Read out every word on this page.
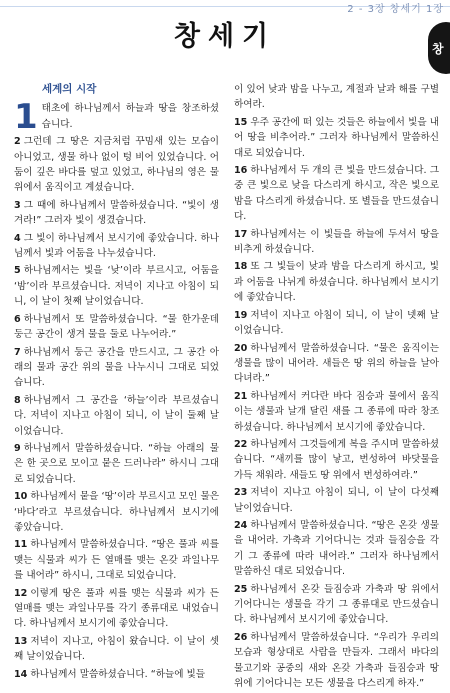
2 - 3장 창세기 1장
창세기	창
세계의 시작

1 태초에 하나님께서 하늘과 땅을 창조하셨습니다.

2 그런데 그 땅은 지금처럼 꾸밈새 있는 모습이 아니었고, 생물 하나 없이 텅 비어 있었습니다. 어둠이 깊은 바다를 덮고 있었고, 하나님의 영은 물 위에서 움직이고 계셨습니다.

3 그 때에 하나님께서 말씀하셨습니다. “빛이 생겨라!” 그러자 빛이 생겼습니다.

4 그 빛이 하나님께서 보시기에 좋았습니다. 하나님께서 빛과 어둠을 나누셨습니다.

5 하나님께서는 빛을 ‘낮’이라 부르시고, 어둠을 ‘밤’이라 부르셨습니다. 저녁이 지나고 아침이 되니, 이 날이 첫째 날이었습니다.

6 하나님께서 또 말씀하셨습니다. “물 한가운데 둥근 공간이 생겨 물을 둘로 나누어라.”

7 하나님께서 둥근 공간을 만드시고, 그 공간 아래의 물과 공간 위의 물을 나누시니 그대로 되었습니다.

8 하나님께서 그 공간을 ‘하늘’이라 부르셨습니다. 저녁이 지나고 아침이 되니, 이 날이 둘째 날이었습니다.

9 하나님께서 말씀하셨습니다. “하늘 아래의 물은 한 곳으로 모이고 뭍은 드러나라” 하시니 그대로 되었습니다.

10 하나님께서 뭍을 ‘땅’이라 부르시고 모인 물은 ‘바다’라고 부르셨습니다. 하나님께서 보시기에 좋았습니다.

11 하나님께서 말씀하셨습니다. “땅은 풀과 씨를 맺는 식물과 씨가 든 열매를 맺는 온갖 과일나무를 내어라” 하시니, 그대로 되었습니다.

12 이렇게 땅은 풀과 씨를 맺는 식물과 씨가 든 열매를 맺는 과일나무를 각기 종류대로 내었습니다. 하나님께서 보시기에 좋았습니다.

13 저녁이 지나고, 아침이 왔습니다. 이 날이 셋째 날이었습니다.

14 하나님께서 말씀하셨습니다. “하늘에 빛들

이 있어 낮과 밤을 나누고, 계절과 날과 해를 구별하여라.

15 우주 공간에 떠 있는 것들은 하늘에서 빛을 내어 땅을 비추어라.” 그러자 하나님께서 말씀하신 대로 되었습니다.

16 하나님께서 두 개의 큰 빛을 만드셨습니다. 그 중 큰 빛으로 낮을 다스리게 하시고, 작은 빛으로 밤을 다스리게 하셨습니다. 또 별들을 만드셨습니다.

17 하나님께서는 이 빛들을 하늘에 두셔서 땅을 비추게 하셨습니다.

18 또 그 빛들이 낮과 밤을 다스리게 하시고, 빛과 어둠을 나뉘게 하셨습니다. 하나님께서 보시기에 좋았습니다.

19 저녁이 지나고 아침이 되니, 이 날이 넷째 날이었습니다.

20 하나님께서 말씀하셨습니다. “물은 움직이는 생물을 많이 내어라. 새들은 땅 위의 하늘을 날아다녀라.”

21 하나님께서 커다란 바다 짐승과 물에서 움직이는 생물과 날개 달린 새를 그 종류에 따라 창조하셨습니다. 하나님께서 보시기에 좋았습니다.

22 하나님께서 그것들에게 복을 주시며 말씀하셨습니다. “새끼를 많이 낳고, 번성하여 바닷물을 가득 채워라. 새들도 땅 위에서 번성하여라.”

23 저녁이 지나고 아침이 되니, 이 날이 다섯째 날이었습니다.

24 하나님께서 말씀하셨습니다. “땅은 온갖 생물을 내어라. 가축과 기어다니는 것과 들짐승을 각기 그 종류에 따라 내어라.” 그러자 하나님께서 말씀하신 대로 되었습니다.

25 하나님께서 온갖 들짐승과 가축과 땅 위에서 기어다니는 생물을 각기 그 종류대로 만드셨습니다. 하나님께서 보시기에 좋았습니다.

26 하나님께서 말씀하셨습니다. “우리가 우리의 모습과 형상대로 사람을 만들자. 그래서 바다의 물고기와 공중의 새와 온갖 가축과 들짐승과 땅 위에 기어다니는 모든 생물을 다스리게 하자.”
